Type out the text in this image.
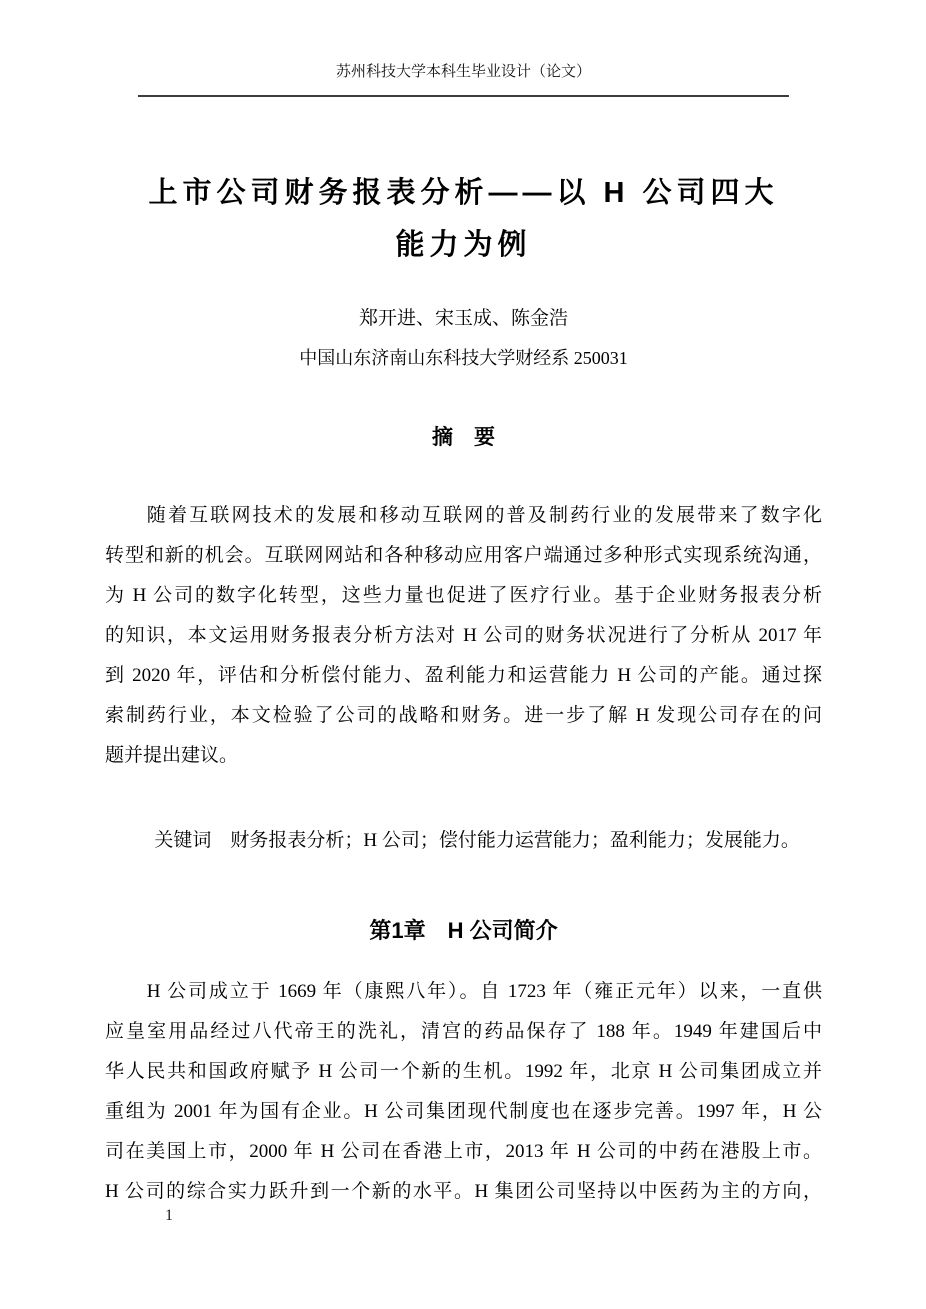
苏州科技大学本科生毕业设计（论文）
上市公司财务报表分析——以 H 公司四大
能力为例
郑开进、宋玉成、陈金浩
中国山东济南山东科技大学财经系 250031
摘　要
随着互联网技术的发展和移动互联网的普及制药行业的发展带来了数字化
转型和新的机会。互联网网站和各种移动应用客户端通过多种形式实现系统沟通，
为 H 公司的数字化转型，这些力量也促进了医疗行业。基于企业财务报表分析
的知识，本文运用财务报表分析方法对 H 公司的财务状况进行了分析从 2017 年
到 2020 年，评估和分析偿付能力、盈利能力和运营能力 H 公司的产能。通过探
索制药行业，本文检验了公司的战略和财务。进一步了解 H 发现公司存在的问
题并提出建议。
关键词　财务报表分析；H 公司；偿付能力运营能力；盈利能力；发展能力。
第1章　H 公司简介
H 公司成立于 1669 年（康熙八年）。自 1723 年（雍正元年）以来，一直供
应皇室用品经过八代帝王的洗礼，清宫的药品保存了 188 年。1949 年建国后中
华人民共和国政府赋予 H 公司一个新的生机。1992 年，北京 H 公司集团成立并
重组为 2001 年为国有企业。H 公司集团现代制度也在逐步完善。1997 年，H 公
司在美国上市，2000 年 H 公司在香港上市，2013 年 H 公司的中药在港股上市。
H 公司的综合实力跃升到一个新的水平。H 集团公司坚持以中医药为主的方向，
1
